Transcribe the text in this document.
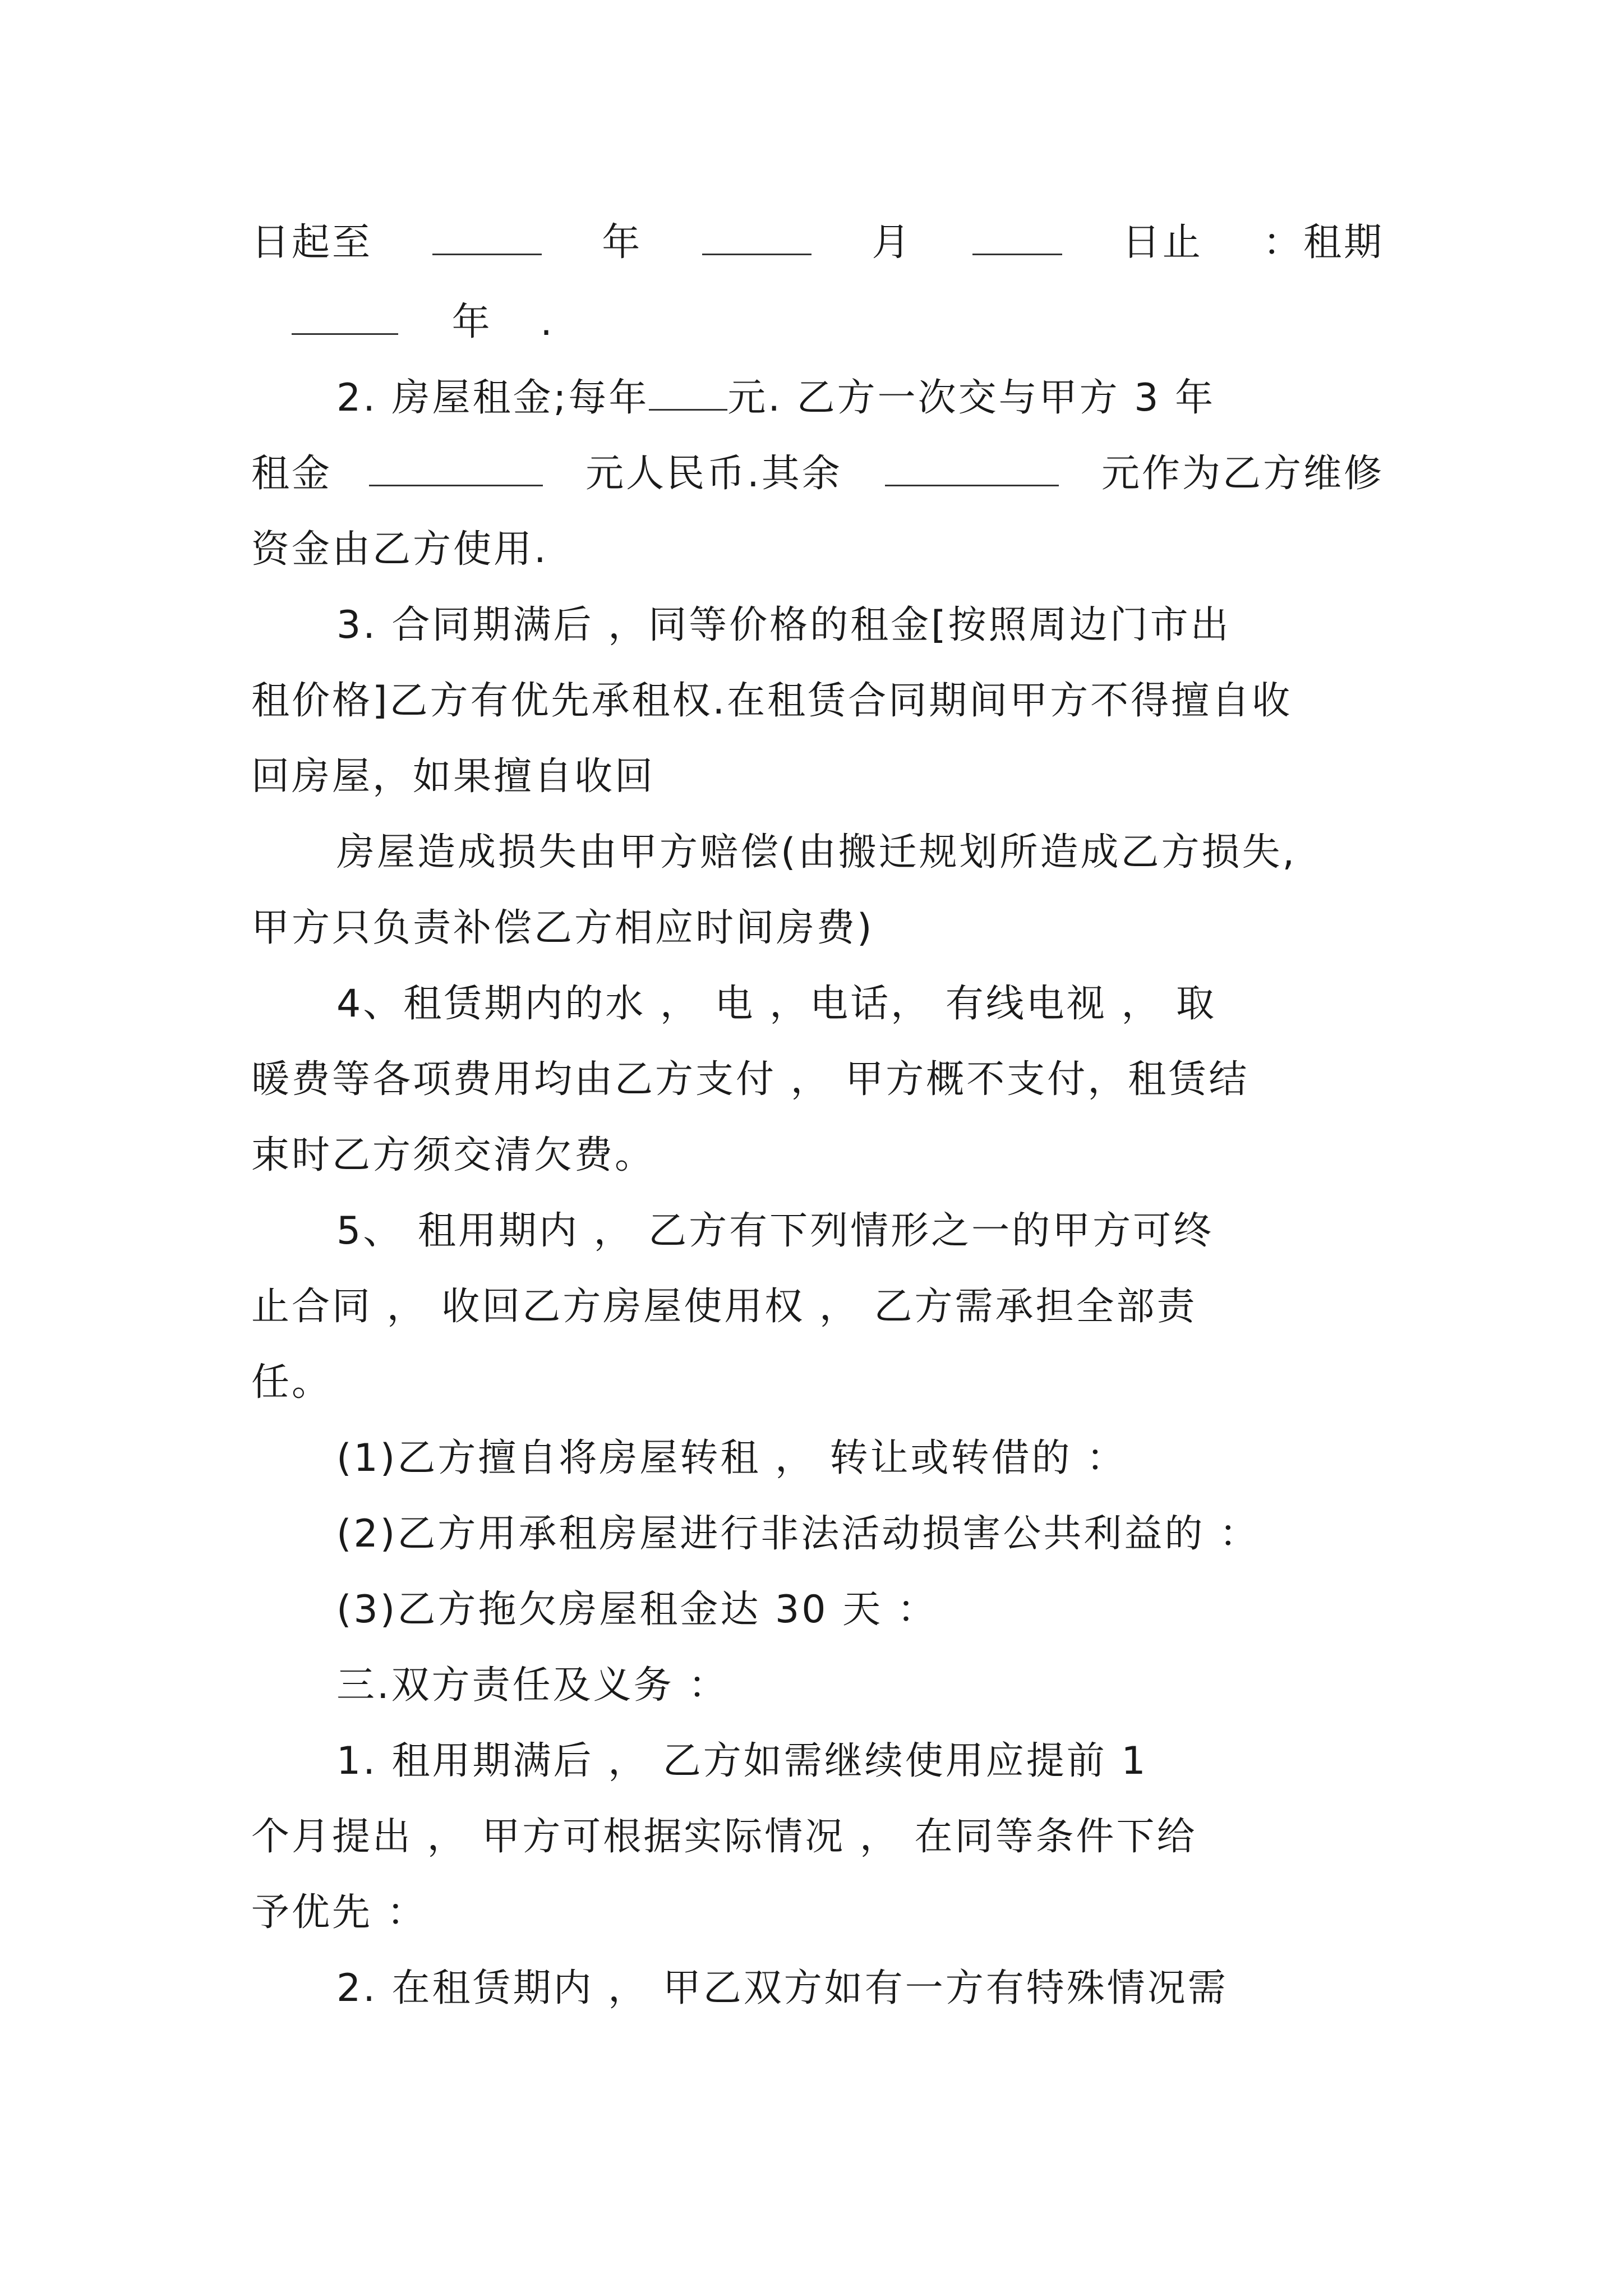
日起至	年	月	日止 ：租期
年 .
2. 房屋租金;每年 元. 乙方一次交与甲方 3 年
租金	元人民币.其余	元作为乙方维修
资金由乙方使用.
3. 合同期满后 ，同等价格的租金[按照周边门市出
租价格]乙方有优先承租权.在租赁合同期间甲方不得擅自收
回房屋，如果擅自收回
房屋造成损失由甲方赔偿(由搬迁规划所造成乙方损失,
甲方只负责补偿乙方相应时间房费)
4、租赁期内的水 ， 电 ，电话， 有线电视 ， 取
暖费等各项费用均由乙方支付 ， 甲方概不支付，租赁结
束时乙方须交清欠费。
5、 租用期内 ， 乙方有下列情形之一的甲方可终
止合同 ， 收回乙方房屋使用权 ， 乙方需承担全部责
任。
(1)乙方擅自将房屋转租 ， 转让或转借的 ：
(2)乙方用承租房屋进行非法活动损害公共利益的 ：
(3)乙方拖欠房屋租金达 30 天 ：
三.双方责任及义务 ：
1. 租用期满后 ， 乙方如需继续使用应提前 1
个月提出 ， 甲方可根据实际情况 ， 在同等条件下给
予优先 ：
2. 在租赁期内 ， 甲乙双方如有一方有特殊情况需
